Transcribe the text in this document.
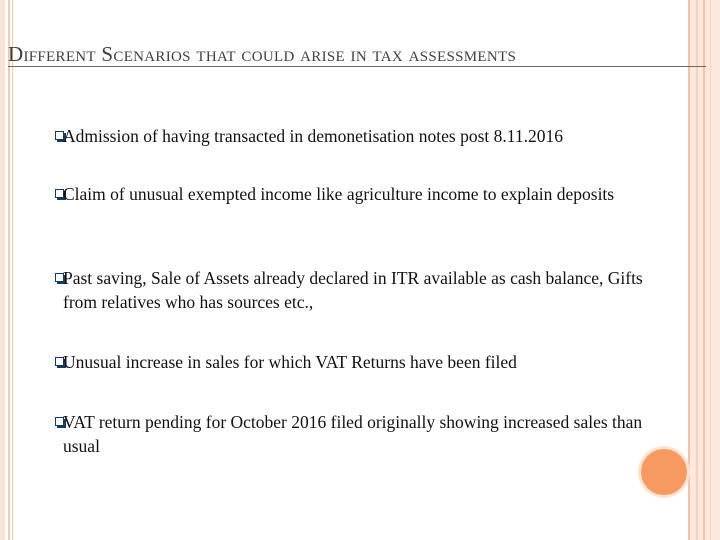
Different Scenarios that could arise in tax assessments
Admission of having transacted in demonetisation notes post 8.11.2016
Claim of unusual exempted income like agriculture income to explain deposits
Past saving, Sale of Assets already declared in ITR available as cash balance, Gifts from relatives who has sources etc.,
Unusual increase in sales for which VAT Returns have been filed
VAT return pending for October 2016 filed originally showing increased sales than usual
